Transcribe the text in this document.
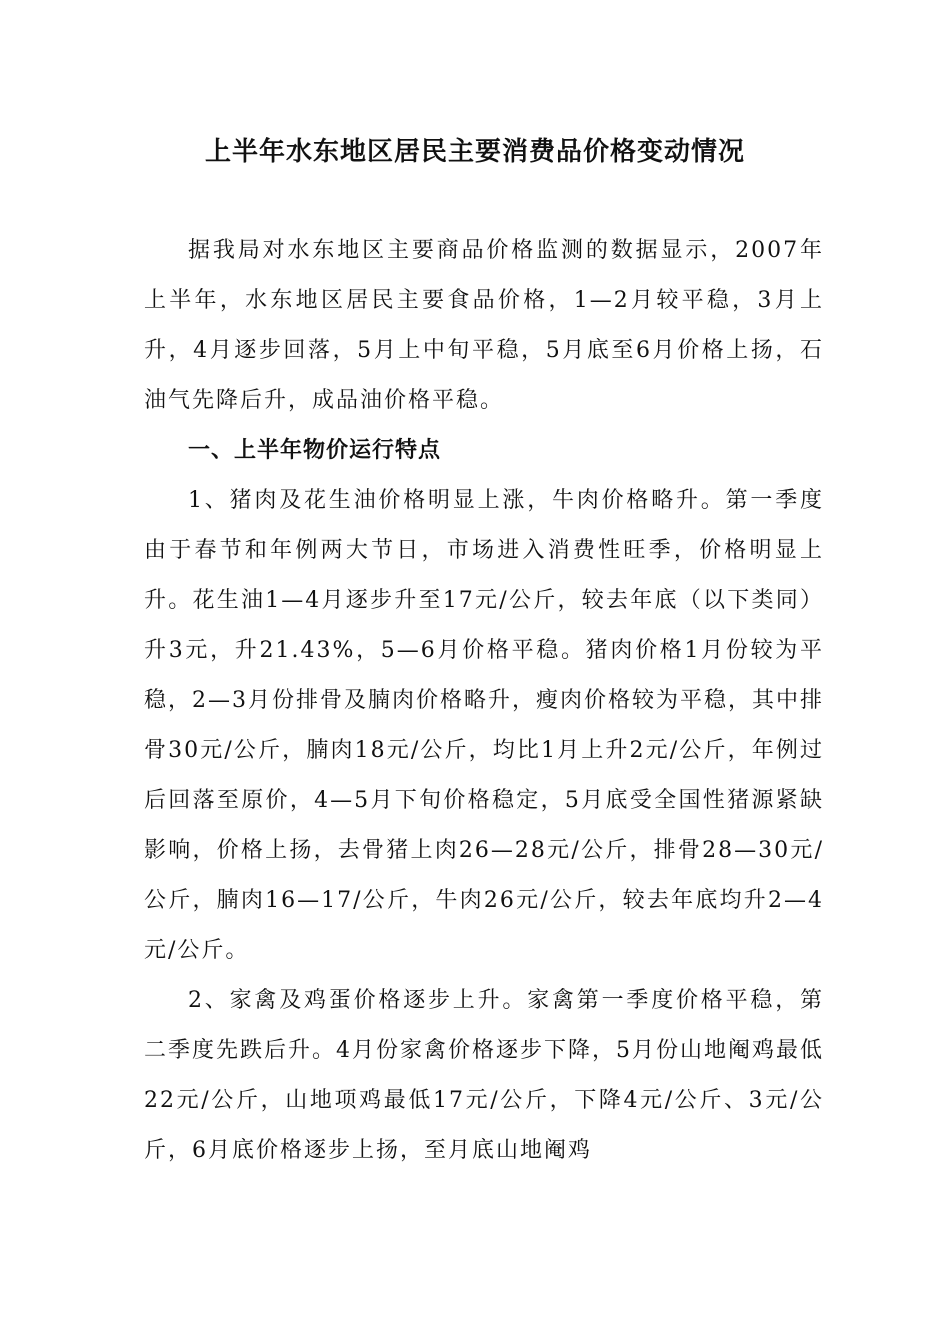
上半年水东地区居民主要消费品价格变动情况

据我局对水东地区主要商品价格监测的数据显示，2007年上半年，水东地区居民主要食品价格，1—2月较平稳，3月上升，4月逐步回落，5月上中旬平稳，5月底至6月价格上扬，石油气先降后升，成品油价格平稳。

一、上半年物价运行特点

1、猪肉及花生油价格明显上涨，牛肉价格略升。第一季度由于春节和年例两大节日，市场进入消费性旺季，价格明显上升。花生油1—4月逐步升至17元/公斤，较去年底（以下类同）升3元，升21.43%，5—6月价格平稳。猪肉价格1月份较为平稳，2—3月份排骨及腩肉价格略升，瘦肉价格较为平稳，其中排骨30元/公斤，腩肉18元/公斤，均比1月上升2元/公斤，年例过后回落至原价，4—5月下旬价格稳定，5月底受全国性猪源紧缺影响，价格上扬，去骨猪上肉26—28元/公斤，排骨28—30元/公斤，腩肉16—17/公斤，牛肉26元/公斤，较去年底均升2—4元/公斤。

2、家禽及鸡蛋价格逐步上升。家禽第一季度价格平稳，第二季度先跌后升。4月份家禽价格逐步下降，5月份山地阉鸡最低22元/公斤，山地项鸡最低17元/公斤，下降4元/公斤、3元/公斤，6月底价格逐步上扬，至月底山地阉鸡
